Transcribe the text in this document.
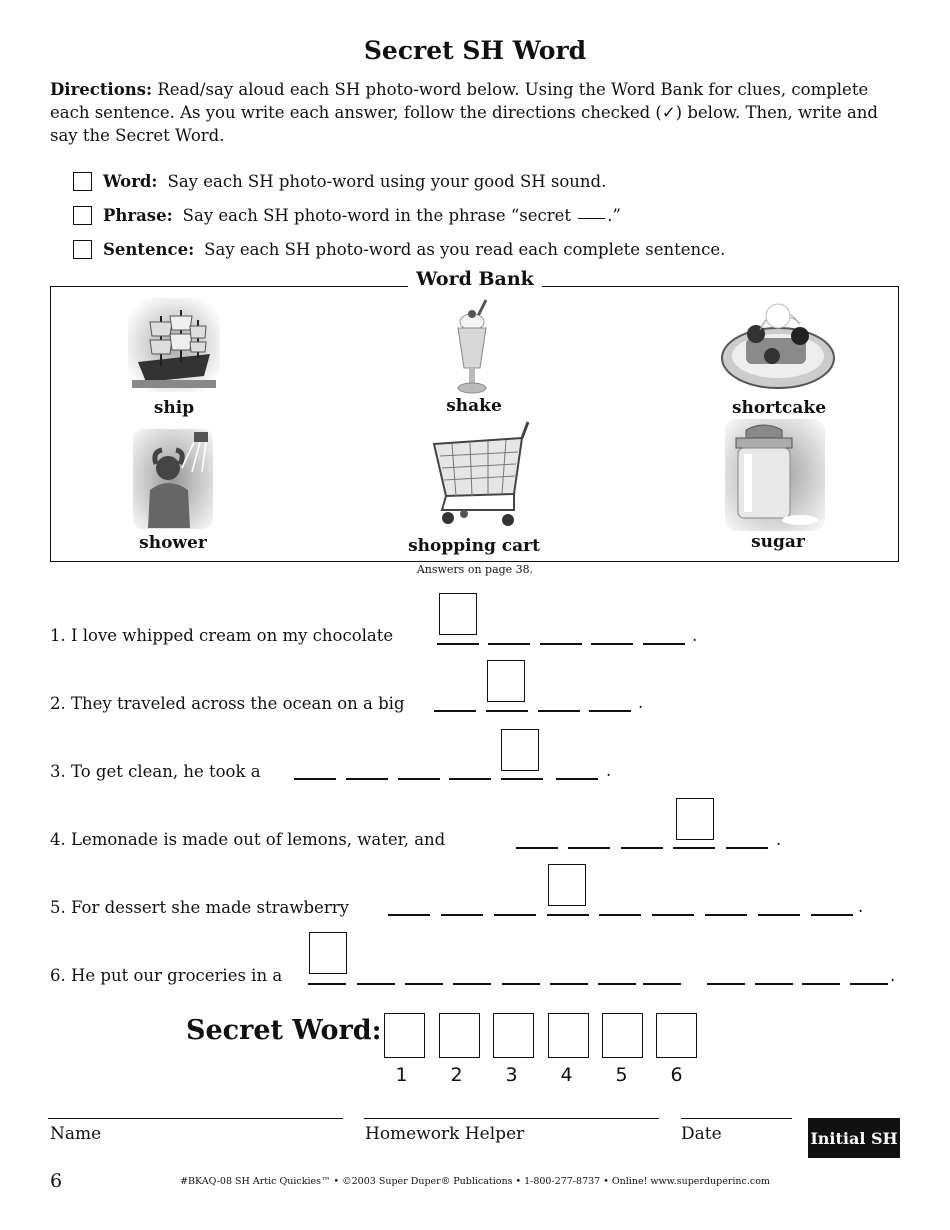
Secret SH Word
Directions: Read/say aloud each SH photo-word below. Using the Word Bank for clues, complete each sentence. As you write each answer, follow the directions checked (✓) below. Then, write and say the Secret Word.
Word: Say each SH photo-word using your good SH sound.
Phrase: Say each SH photo-word in the phrase “secret .”
Sentence: Say each SH photo-word as you read each complete sentence.
Word Bank
ship	shake	shortcake
shower	shopping cart	sugar
Answers on page 38.
1. I love whipped cream on my chocolate	.
2. They traveled across the ocean on a big	.
3. To get clean, he took a	.
4. Lemonade is made out of lemons, water, and	.
5. For dessert she made strawberry	.
6. He put our groceries in a	.
Secret Word:
1	2	3	4	5	6
Name	Homework Helper	Date	Initial SH
6	#BKAQ-08 SH Artic Quickies™ • ©2003 Super Duper® Publications • 1-800-277-8737 • Online! www.superduperinc.com
